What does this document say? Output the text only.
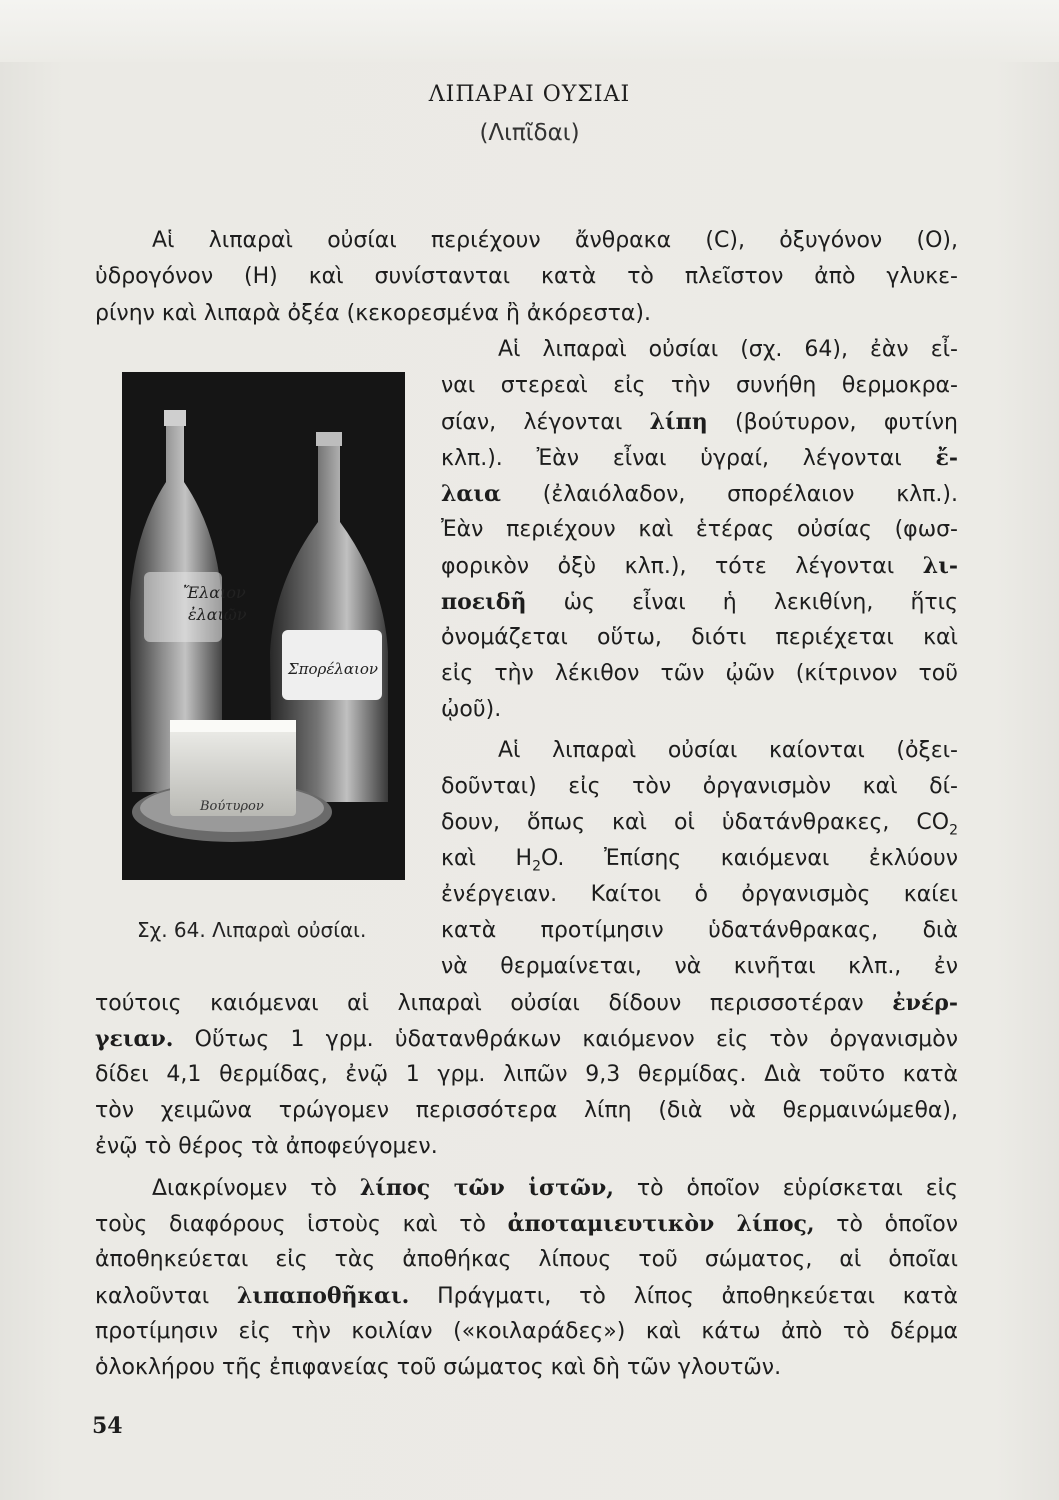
ΛΙΠΑΡΑΙ ΟΥΣΙΑΙ
(Λιπῖδαι)
Αἱ λιπαραὶ οὐσίαι περιέχουν ἄνθρακα (C), ὀξυγόνον (O),
ὑδρογόνον (H) καὶ συνίστανται κατὰ τὸ πλεῖστον ἀπὸ γλυκε-
ρίνην καὶ λιπαρὰ ὀξέα (κεκορεσμένα ἢ ἀκόρεστα).
Αἱ λιπαραὶ οὐσίαι (σχ. 64), ἐὰν εἶ-
ναι στερεαὶ εἰς τὴν συνήθη θερμοκρα-
σίαν, λέγονται λίπη (βούτυρον, φυτίνη
κλπ.). Ἐὰν εἶναι ὑγραί, λέγονται ἔ-
λαια (ἐλαιόλαδον, σπορέλαιον κλπ.).
Ἐὰν περιέχουν καὶ ἑτέρας οὐσίας (φωσ-
φορικὸν ὀξὺ κλπ.), τότε λέγονται λι-
ποειδῆ ὡς εἶναι ἡ λεκιθίνη, ἥτις
ὀνομάζεται οὕτω, διότι περιέχεται καὶ
εἰς τὴν λέκιθον τῶν ᾠῶν (κίτρινον τοῦ
ᾠοῦ).
Αἱ λιπαραὶ οὐσίαι καίονται (ὀξει-
δοῦνται) εἰς τὸν ὀργανισμὸν καὶ δί-
δουν, ὅπως καὶ οἱ ὑδατάνθρακες, $CO_2$
καὶ $H_2O$. Ἐπίσης καιόμεναι ἐκλύουν
ἐνέργειαν. Καίτοι ὁ ὀργανισμὸς καίει
κατὰ προτίμησιν ὑδατάνθρακας, διὰ
νὰ θερμαίνεται, νὰ κινῆται κλπ., ἐν
τούτοις καιόμεναι αἱ λιπαραὶ οὐσίαι δίδουν περισσοτέραν ἐνέρ-
γειαν. Οὕτως 1 γρμ. ὑδατανθράκων καιόμενον εἰς τὸν ὀργανισμὸν
δίδει 4,1 θερμίδας, ἐνῷ 1 γρμ. λιπῶν 9,3 θερμίδας. Διὰ τοῦτο κατὰ
τὸν χειμῶνα τρώγομεν περισσότερα λίπη (διὰ νὰ θερμαινώμεθα),
ἐνῷ τὸ θέρος τὰ ἀποφεύγομεν.
Διακρίνομεν τὸ λίπος τῶν ἱστῶν, τὸ ὁποῖον εὑρίσκεται εἰς
τοὺς διαφόρους ἱστοὺς καὶ τὸ ἀποταμιευτικὸν λίπος, τὸ ὁποῖον
ἀποθηκεύεται εἰς τὰς ἀποθήκας λίπους τοῦ σώματος, αἱ ὁποῖαι
καλοῦνται λιπαποθῆκαι. Πράγματι, τὸ λίπος ἀποθηκεύεται κατὰ
προτίμησιν εἰς τὴν κοιλίαν («κοιλαράδες») καὶ κάτω ἀπὸ τὸ δέρμα
ὁλοκλήρου τῆς ἐπιφανείας τοῦ σώματος καὶ δὴ τῶν γλουτῶν.
Ἔλαιον
ἐλαιῶν
Σπορέλαιον
Βούτυρον
Σχ. 64. Λιπαραὶ οὐσίαι.
54
